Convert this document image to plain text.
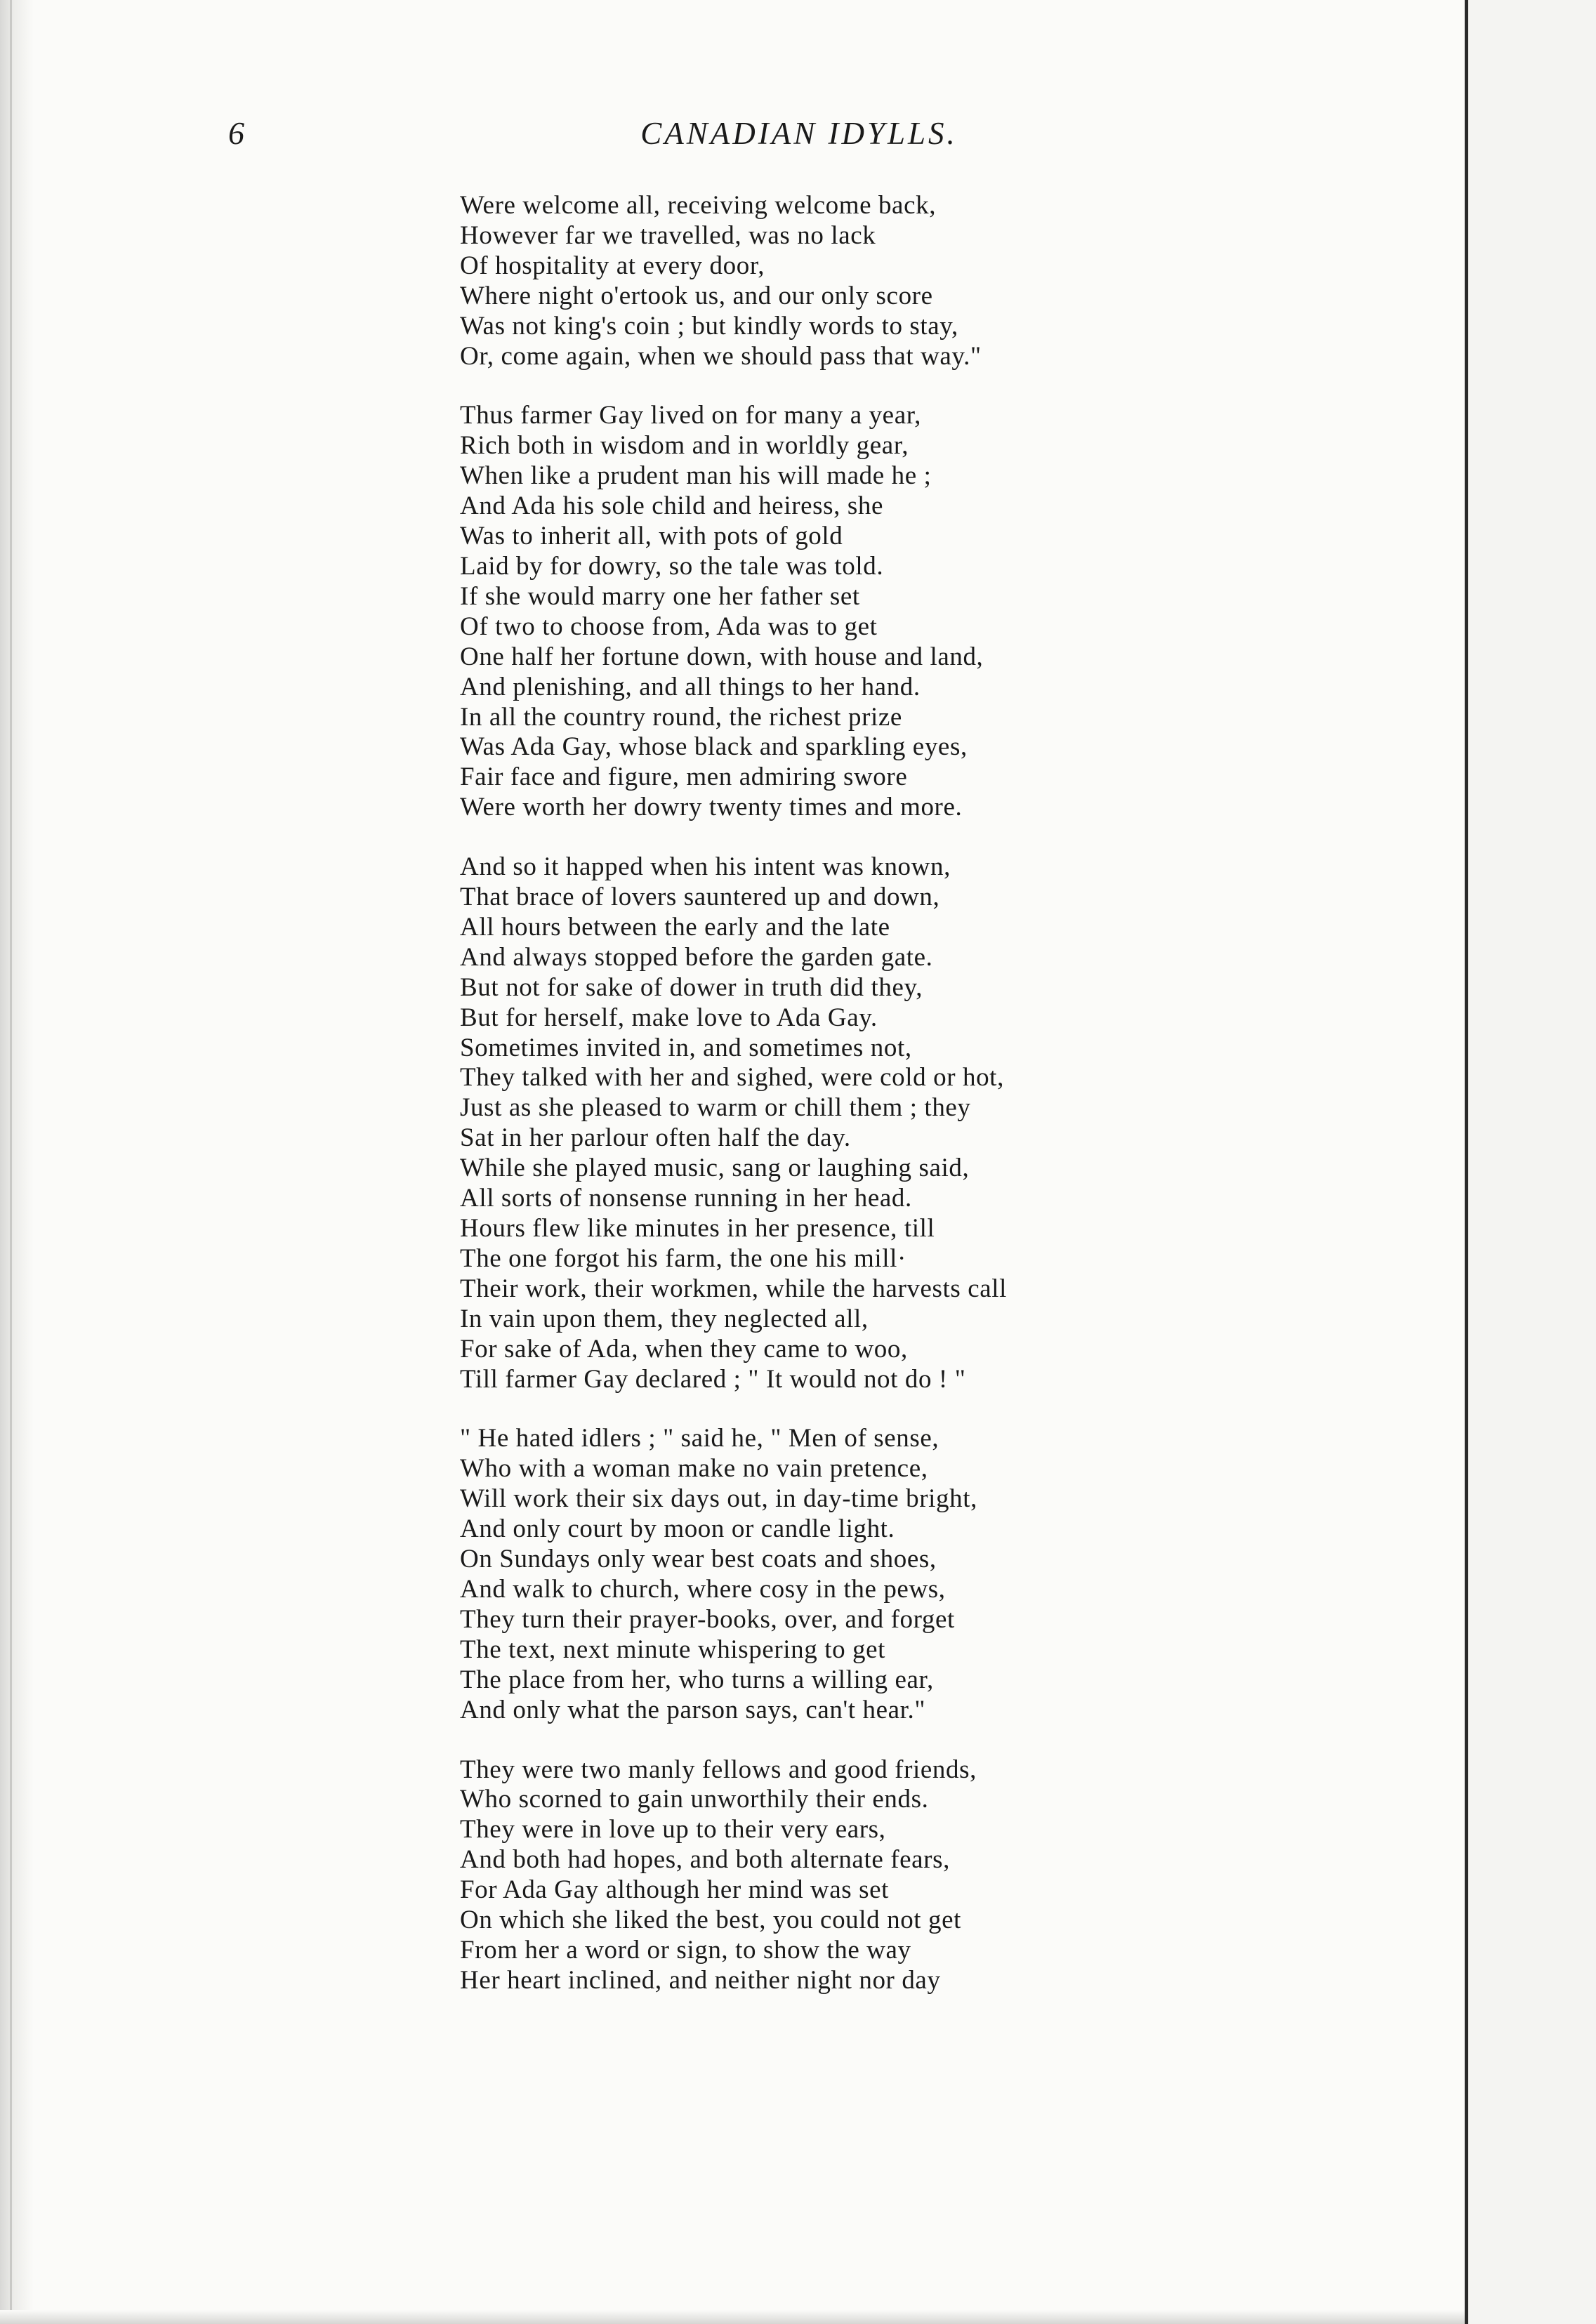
6	CANADIAN IDYLLS.
Were welcome all, receiving welcome back,
However far we travelled, was no lack
Of hospitality at every door,
Where night o'ertook us, and our only score
Was not king's coin ; but kindly words to stay,
Or, come again, when we should pass that way."
Thus farmer Gay lived on for many a year,
Rich both in wisdom and in worldly gear,
When like a prudent man his will made he ;
And Ada his sole child and heiress, she
Was to inherit all, with pots of gold
Laid by for dowry, so the tale was told.
If she would marry one her father set
Of two to choose from, Ada was to get
One half her fortune down, with house and land,
And plenishing, and all things to her hand.
In all the country round, the richest prize
Was Ada Gay, whose black and sparkling eyes,
Fair face and figure, men admiring swore
Were worth her dowry twenty times and more.
And so it happed when his intent was known,
That brace of lovers sauntered up and down,
All hours between the early and the late
And always stopped before the garden gate.
But not for sake of dower in truth did they,
But for herself, make love to Ada Gay.
Sometimes invited in, and sometimes not,
They talked with her and sighed, were cold or hot,
Just as she pleased to warm or chill them ; they
Sat in her parlour often half the day.
While she played music, sang or laughing said,
All sorts of nonsense running in her head.
Hours flew like minutes in her presence, till
The one forgot his farm, the one his mill·
Their work, their workmen, while the harvests call
In vain upon them, they neglected all,
For sake of Ada, when they came to woo,
Till farmer Gay declared ; " It would not do ! "
" He hated idlers ; " said he, " Men of sense,
Who with a woman make no vain pretence,
Will work their six days out, in day-time bright,
And only court by moon or candle light.
On Sundays only wear best coats and shoes,
And walk to church, where cosy in the pews,
They turn their prayer-books, over, and forget
The text, next minute whispering to get
The place from her, who turns a willing ear,
And only what the parson says, can't hear."
They were two manly fellows and good friends,
Who scorned to gain unworthily their ends.
They were in love up to their very ears,
And both had hopes, and both alternate fears,
For Ada Gay although her mind was set
On which she liked the best, you could not get
From her a word or sign, to show the way
Her heart inclined, and neither night nor day
